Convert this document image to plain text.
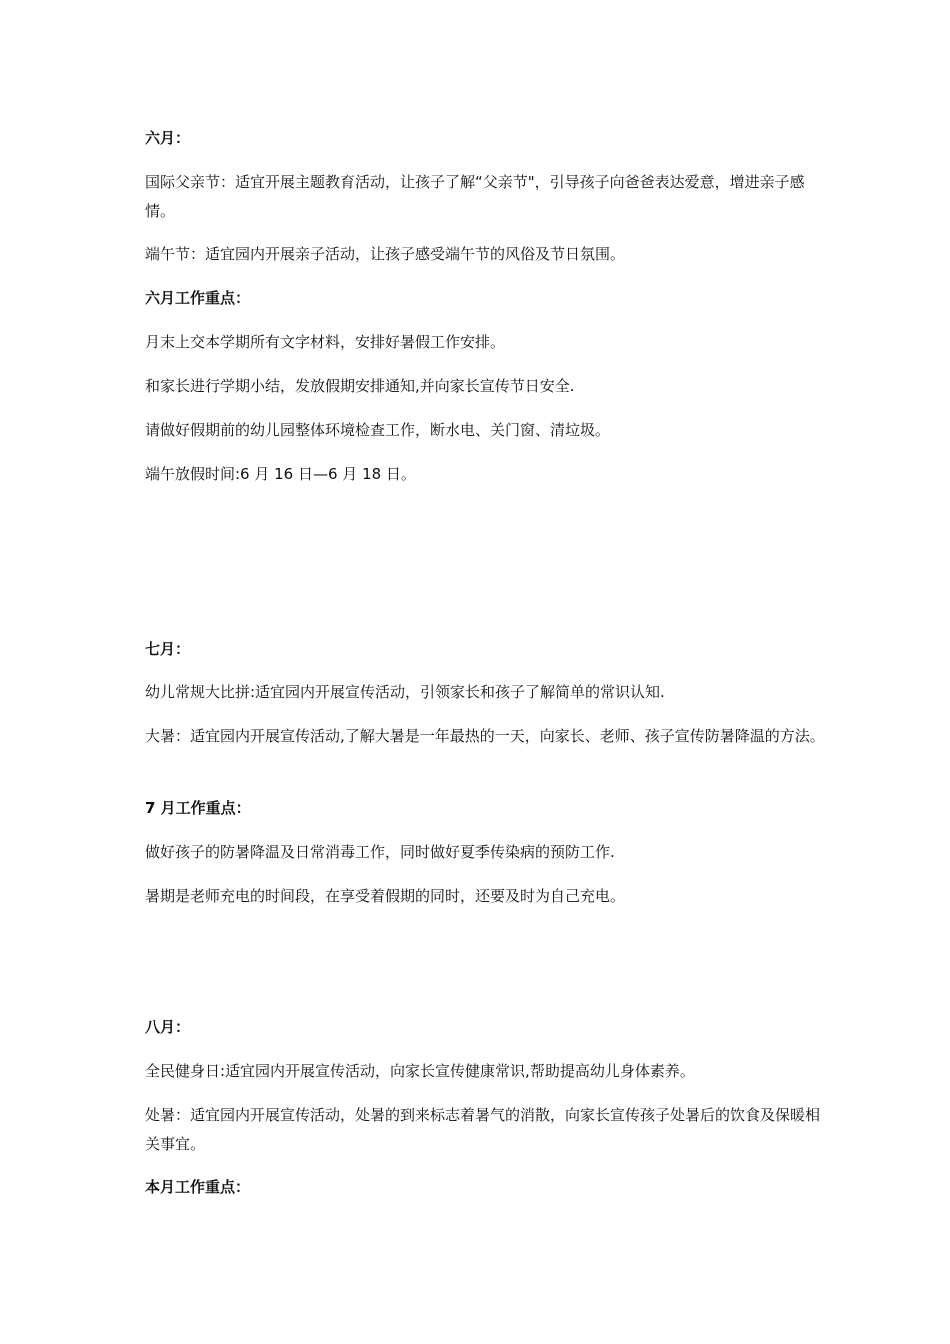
六月：
国际父亲节：适宜开展主题教育活动，让孩子了解“父亲节"，引导孩子向爸爸表达爱意，增进亲子感情。
端午节：适宜园内开展亲子活动，让孩子感受端午节的风俗及节日氛围。
六月工作重点：
月末上交本学期所有文字材料，安排好暑假工作安排。
和家长进行学期小结，发放假期安排通知,并向家长宣传节日安全.
请做好假期前的幼儿园整体环境检查工作，断水电、关门窗、清垃圾。
端午放假时间:6 月 16 日—6 月 18 日。
七月：
幼儿常规大比拼:适宜园内开展宣传活动，引领家长和孩子了解简单的常识认知.
大暑：适宜园内开展宣传活动,了解大暑是一年最热的一天，向家长、老师、孩子宣传防暑降温的方法。
7 月工作重点：
做好孩子的防暑降温及日常消毒工作，同时做好夏季传染病的预防工作.
暑期是老师充电的时间段，在享受着假期的同时，还要及时为自己充电。
八月：
全民健身日:适宜园内开展宣传活动，向家长宣传健康常识,帮助提高幼儿身体素养。
处暑：适宜园内开展宣传活动，处暑的到来标志着暑气的消散，向家长宣传孩子处暑后的饮食及保暖相关事宜。
本月工作重点：
